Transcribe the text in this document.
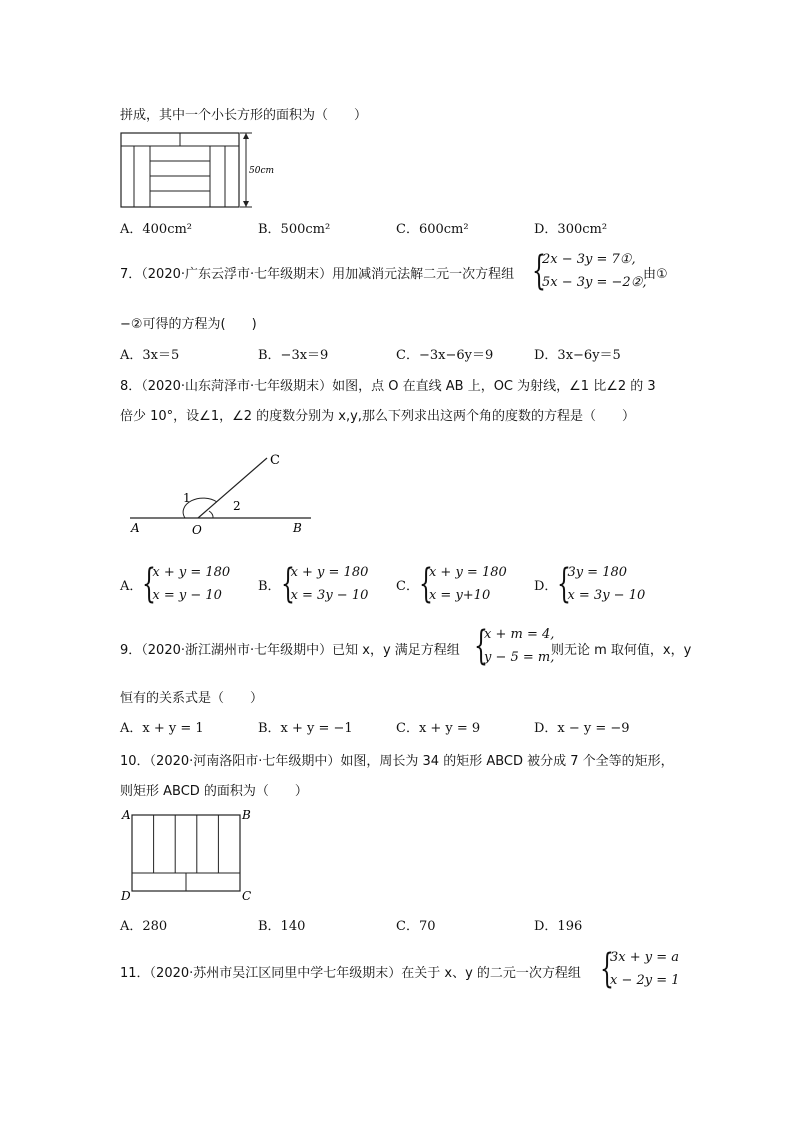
拼成，其中一个小长方形的面积为（　　）
50cm
A．400cm²	B．500cm²	C．600cm²	D．300cm²
7．（2020·广东云浮市·七年级期末）用加减消元法解二元一次方程组 {
2x − 3y = 7①,
5x − 3y = −2②,
由①
−②可得的方程为(　　)
A．3x＝5	B．−3x＝9	C．−3x−6y＝9	D．3x−6y＝5
8．（2020·山东菏泽市·七年级期末）如图，点 O 在直线 AB 上，OC 为射线，∠1 比∠2 的 3
倍少 10°，设∠1，∠2 的度数分别为 x,y,那么下列求出这两个角的度数的方程是（　　）
C
1
2
A	O	B
A． {
x + y = 180
x = y − 10
B． {
x + y = 180
x = 3y − 10
C． {
x + y = 180
x = y+10
D． {
3y = 180
x = 3y − 10
9．（2020·浙江湖州市·七年级期中）已知 x，y 满足方程组 {
x + m = 4,
y − 5 = m,
则无论 m 取何值，x，y
恒有的关系式是（　　）
A．x + y = 1	B．x + y = −1	C．x + y = 9	D．x − y = −9
10．（2020·河南洛阳市·七年级期中）如图，周长为 34 的矩形 ABCD 被分成 7 个全等的矩形，
则矩形 ABCD 的面积为（　　）
A	B
D	C
A．280	B．140	C．70	D．196
11．（2020·苏州市吴江区同里中学七年级期末）在关于 x、y 的二元一次方程组 {
3x + y = a
x − 2y = 1
